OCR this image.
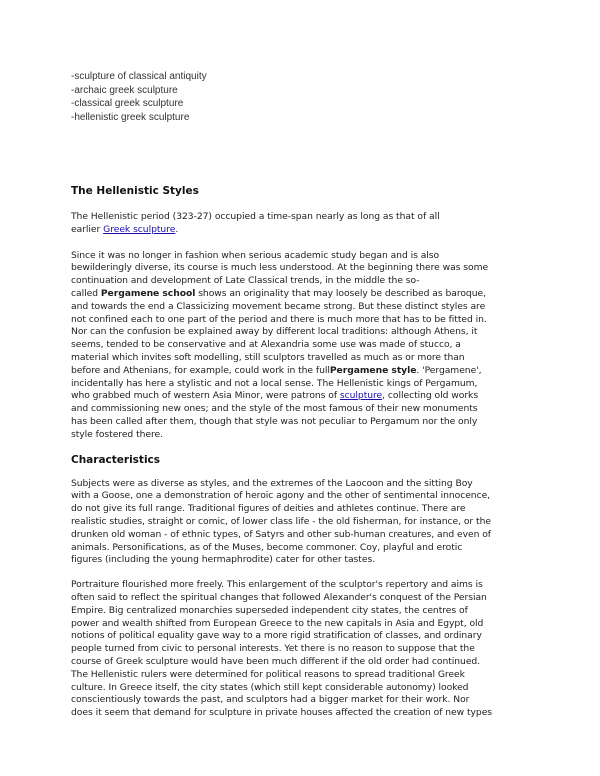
-sculpture of classical antiquity
-archaic greek sculpture
-classical greek sculpture
-hellenistic greek sculpture
The Hellenistic Styles

The Hellenistic period (323-27) occupied a time-span nearly as long as that of all
earlier Greek sculpture.

Since it was no longer in fashion when serious academic study began and is also
bewilderingly diverse, its course is much less understood. At the beginning there was some
continuation and development of Late Classical trends, in the middle the so-
called Pergamene school shows an originality that may loosely be described as baroque,
and towards the end a Classicizing movement became strong. But these distinct styles are
not confined each to one part of the period and there is much more that has to be fitted in.
Nor can the confusion be explained away by different local traditions: although Athens, it
seems, tended to be conservative and at Alexandria some use was made of stucco, a
material which invites soft modelling, still sculptors travelled as much as or more than
before and Athenians, for example, could work in the fullPergamene style. 'Pergamene',
incidentally has here a stylistic and not a local sense. The Hellenistic kings of Pergamum,
who grabbed much of western Asia Minor, were patrons of sculpture, collecting old works
and commissioning new ones; and the style of the most famous of their new monuments
has been called after them, though that style was not peculiar to Pergamum nor the only
style fostered there.

Characteristics

Subjects were as diverse as styles, and the extremes of the Laocoon and the sitting Boy
with a Goose, one a demonstration of heroic agony and the other of sentimental innocence,
do not give its full range. Traditional figures of deities and athletes continue. There are
realistic studies, straight or comic, of lower class life - the old fisherman, for instance, or the
drunken old woman - of ethnic types, of Satyrs and other sub-human creatures, and even of
animals. Personifications, as of the Muses, become commoner. Coy, playful and erotic
figures (including the young hermaphrodite) cater for other tastes.

Portraiture flourished more freely. This enlargement of the sculptor's repertory and aims is
often said to reflect the spiritual changes that followed Alexander's conquest of the Persian
Empire. Big centralized monarchies superseded independent city states, the centres of
power and wealth shifted from European Greece to the new capitals in Asia and Egypt, old
notions of political equality gave way to a more rigid stratification of classes, and ordinary
people turned from civic to personal interests. Yet there is no reason to suppose that the
course of Greek sculpture would have been much different if the old order had continued.
The Hellenistic rulers were determined for political reasons to spread traditional Greek
culture. In Greece itself, the city states (which still kept considerable autonomy) looked
conscientiously towards the past, and sculptors had a bigger market for their work. Nor
does it seem that demand for sculpture in private houses affected the creation of new types
